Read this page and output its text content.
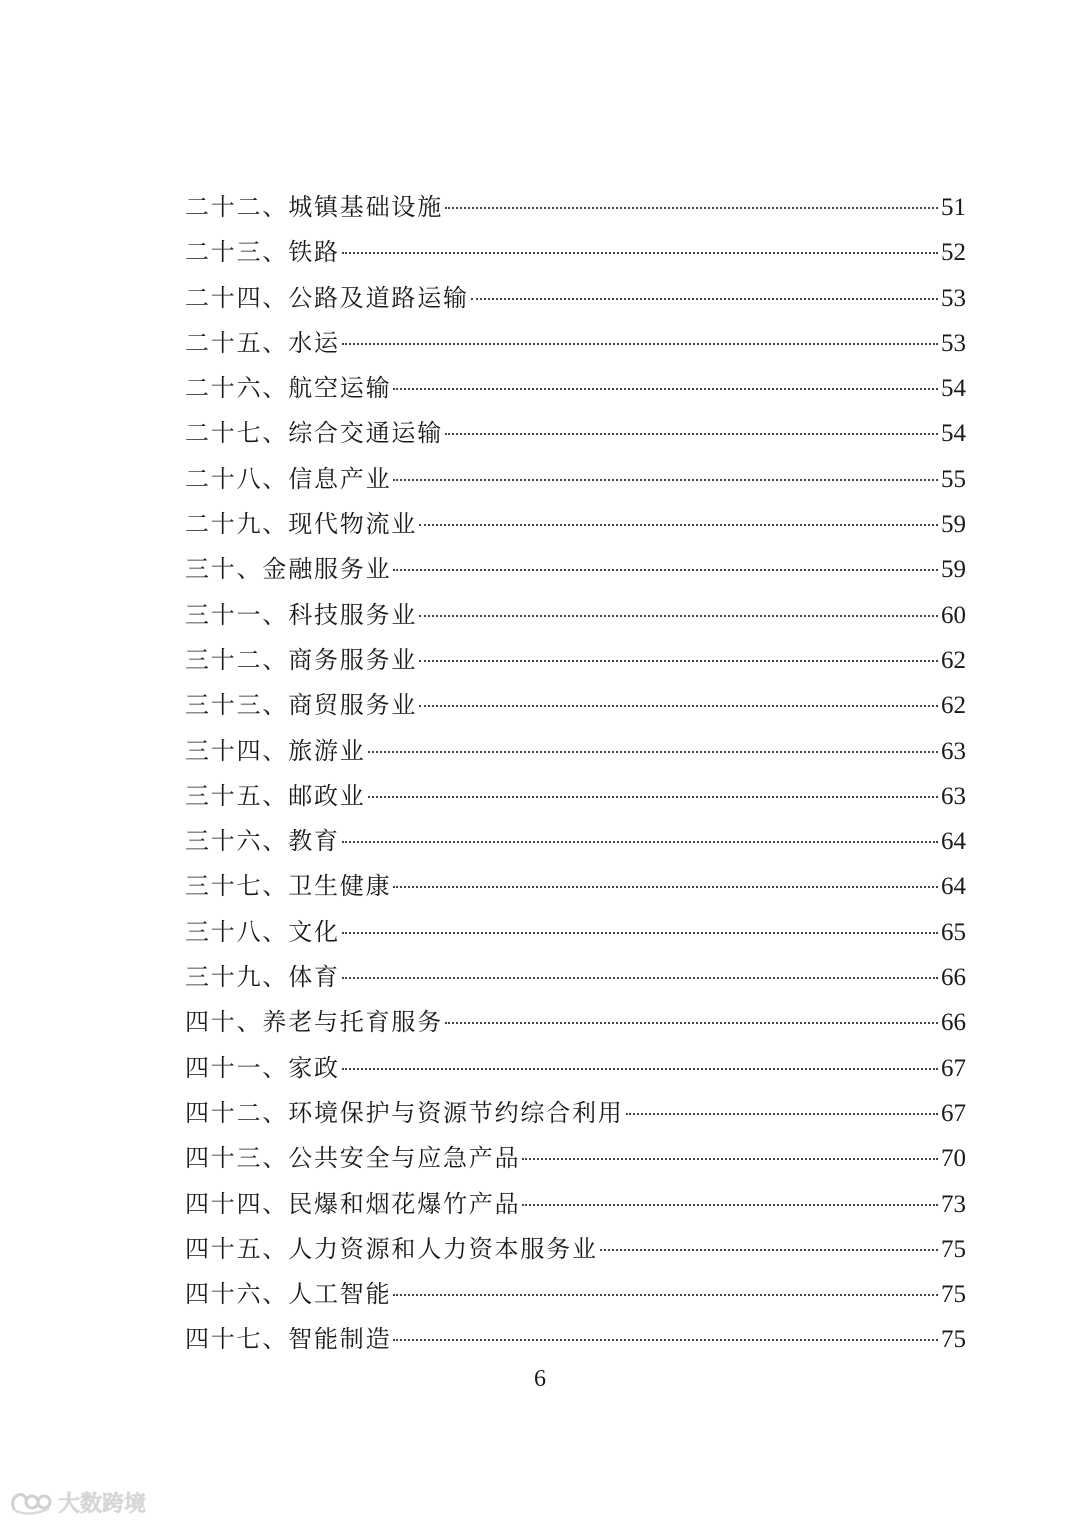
二十二、城镇基础设施	51
二十三、铁路	52
二十四、公路及道路运输	53
二十五、水运	53
二十六、航空运输	54
二十七、综合交通运输	54
二十八、信息产业	55
二十九、现代物流业	59
三十、金融服务业	59
三十一、科技服务业	60
三十二、商务服务业	62
三十三、商贸服务业	62
三十四、旅游业	63
三十五、邮政业	63
三十六、教育	64
三十七、卫生健康	64
三十八、文化	65
三十九、体育	66
四十、养老与托育服务	66
四十一、家政	67
四十二、环境保护与资源节约综合利用	67
四十三、公共安全与应急产品	70
四十四、民爆和烟花爆竹产品	73
四十五、人力资源和人力资本服务业	75
四十六、人工智能	75
四十七、智能制造	75
6
大数跨境
